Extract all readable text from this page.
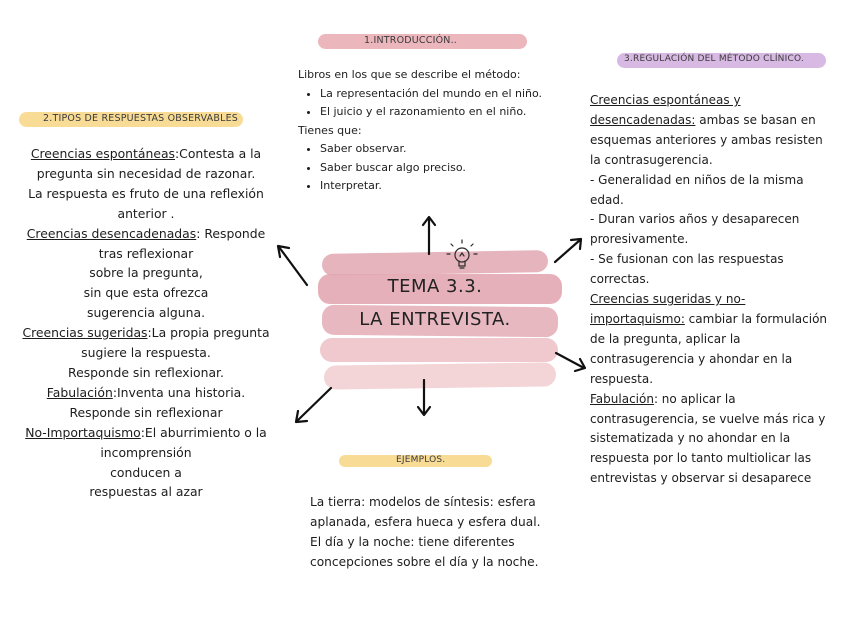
TEMA 3.3.
LA ENTREVISTA.
1.INTRODUCCIÓN..
Libros en los que se describe el método:
• La representación del mundo en el niño.
• El juicio y el razonamiento en el niño.
Tienes que:
• Saber observar.
• Saber buscar algo preciso.
• Interpretar.
2.TIPOS DE RESPUESTAS OBSERVABLES
Creencias espontáneas:Contesta a la
pregunta sin necesidad de razonar.
La respuesta es fruto de una reflexión
anterior .
Creencias desencadenadas: Responde
tras reflexionar
sobre la pregunta,
sin que esta ofrezca
sugerencia alguna.
Creencias sugeridas:La propia pregunta
sugiere la respuesta.
Responde sin reflexionar.
Fabulación:Inventa una historia.
Responde sin reflexionar
No-Importaquismo:El aburrimiento o la
incomprensión
conducen a
respuestas al azar
3.REGULACIÓN DEL MÉTODO CLÍNICO.
Creencias espontáneas y
desencadenadas: ambas se basan en
esquemas anteriores y ambas resisten
la contrasugerencia.
- Generalidad en niños de la misma
edad.
- Duran varios años y desaparecen
proresivamente.
- Se fusionan con las respuestas
correctas.
Creencias sugeridas y no-
importaquismo: cambiar la formulación
de la pregunta, aplicar la
contrasugerencia y ahondar en la
respuesta.
Fabulación: no aplicar la
contrasugerencia, se vuelve más rica y
sistematizada y no ahondar en la
respuesta por lo tanto multiolicar las
entrevistas y observar si desaparece
EJEMPLOS.
La tierra: modelos de síntesis: esfera
aplanada, esfera hueca y esfera dual.
El día y la noche: tiene diferentes
concepciones sobre el día y la noche.
